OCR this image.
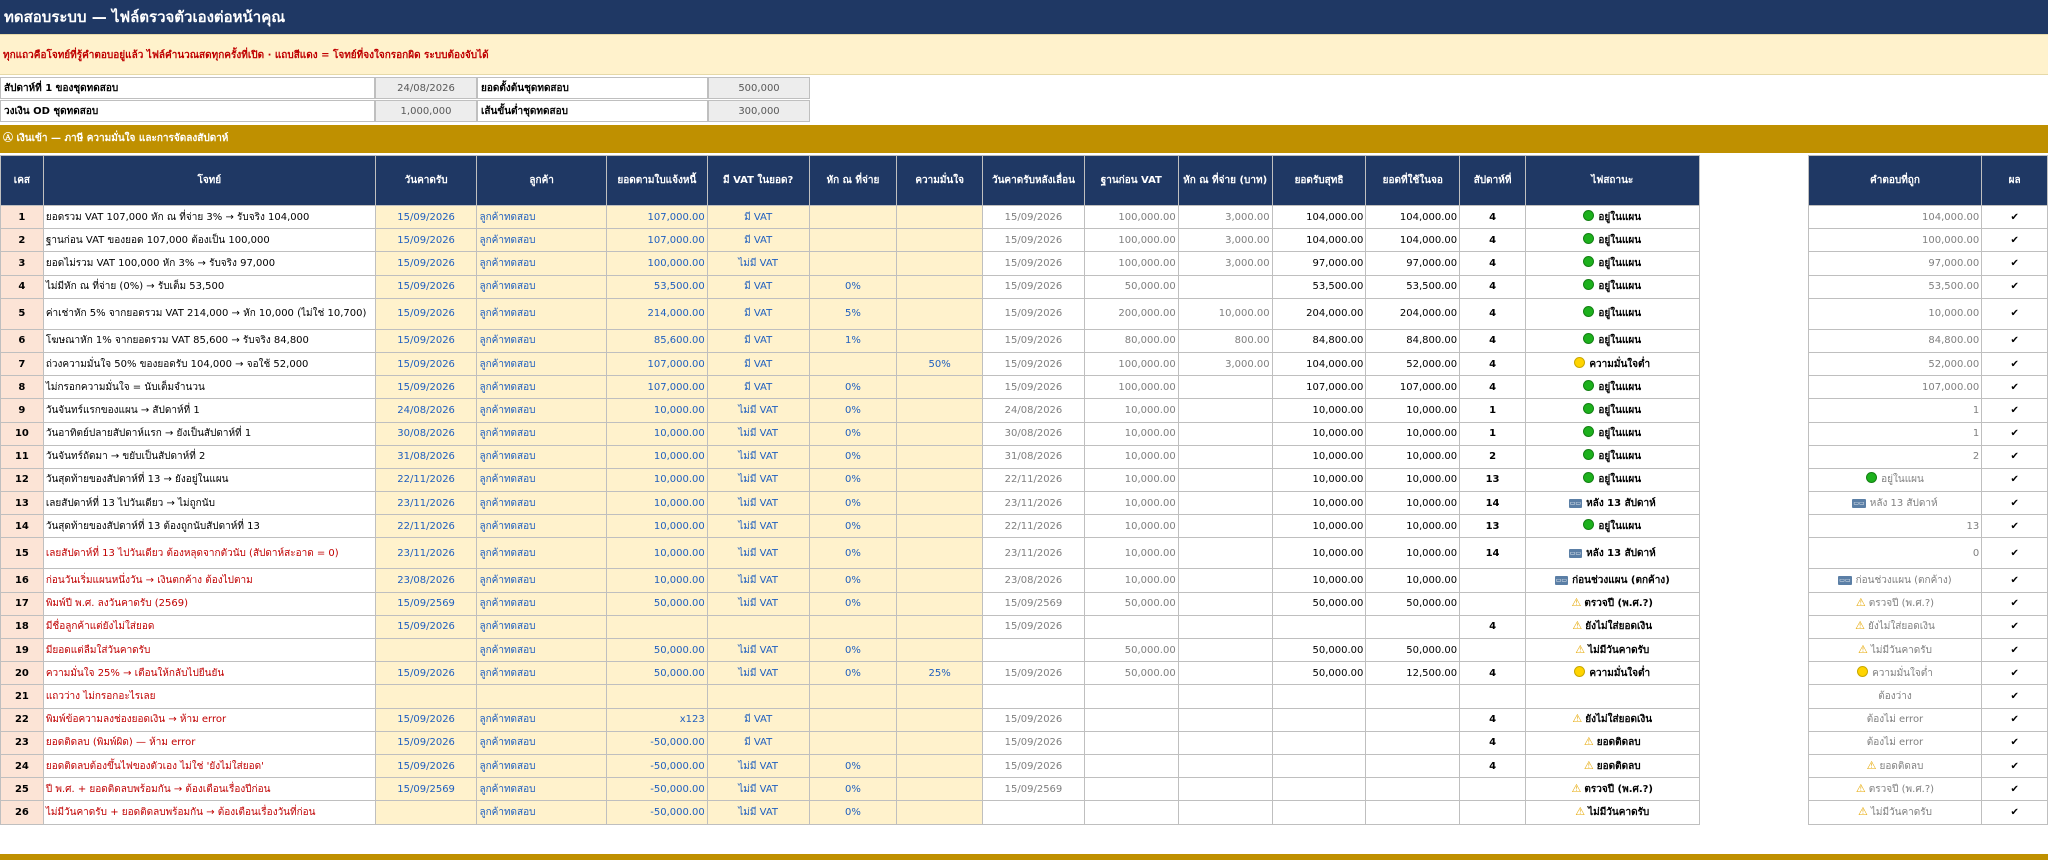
ทดสอบระบบ — ไฟล์ตรวจตัวเองต่อหน้าคุณ
ทุกแถวคือโจทย์ที่รู้คำตอบอยู่แล้ว ไฟล์คำนวณสดทุกครั้งที่เปิด · แถบสีแดง = โจทย์ที่จงใจกรอกผิด ระบบต้องจับได้
สัปดาห์ที่ 1 ของชุดทดสอบ	24/08/2026	ยอดตั้งต้นชุดทดสอบ	500,000
วงเงิน OD ชุดทดสอบ	1,000,000	เส้นขั้นต่ำชุดทดสอบ	300,000
Ⓐ เงินเข้า — ภาษี ความมั่นใจ และการจัดลงสัปดาห์
เคส	โจทย์	วันคาดรับ	ลูกค้า	ยอดตามใบแจ้งหนี้	มี VAT ในยอด?	หัก ณ ที่จ่าย	ความมั่นใจ	วันคาดรับหลังเลื่อน	ฐานก่อน VAT	หัก ณ ที่จ่าย (บาท)	ยอดรับสุทธิ	ยอดที่ใช้ในจอ	สัปดาห์ที่	ไฟสถานะ		คำตอบที่ถูก	ผล
1	ยอดรวม VAT 107,000 หัก ณ ที่จ่าย 3% → รับจริง 104,000	15/09/2026	ลูกค้าทดสอบ	107,000.00	มี VAT			15/09/2026	100,000.00	3,000.00	104,000.00	104,000.00	4	อยู่ในแผน		104,000.00	✔
2	ฐานก่อน VAT ของยอด 107,000 ต้องเป็น 100,000	15/09/2026	ลูกค้าทดสอบ	107,000.00	มี VAT			15/09/2026	100,000.00	3,000.00	104,000.00	104,000.00	4	อยู่ในแผน		100,000.00	✔
3	ยอดไม่รวม VAT 100,000 หัก 3% → รับจริง 97,000	15/09/2026	ลูกค้าทดสอบ	100,000.00	ไม่มี VAT			15/09/2026	100,000.00	3,000.00	97,000.00	97,000.00	4	อยู่ในแผน		97,000.00	✔
4	ไม่มีหัก ณ ที่จ่าย (0%) → รับเต็ม 53,500	15/09/2026	ลูกค้าทดสอบ	53,500.00	มี VAT	0%		15/09/2026	50,000.00		53,500.00	53,500.00	4	อยู่ในแผน		53,500.00	✔
5	ค่าเช่าหัก 5% จากยอดรวม VAT 214,000 → หัก 10,000 (ไม่ใช่ 10,700)	15/09/2026	ลูกค้าทดสอบ	214,000.00	มี VAT	5%		15/09/2026	200,000.00	10,000.00	204,000.00	204,000.00	4	อยู่ในแผน		10,000.00	✔
6	โฆษณาหัก 1% จากยอดรวม VAT 85,600 → รับจริง 84,800	15/09/2026	ลูกค้าทดสอบ	85,600.00	มี VAT	1%		15/09/2026	80,000.00	800.00	84,800.00	84,800.00	4	อยู่ในแผน		84,800.00	✔
7	ถ่วงความมั่นใจ 50% ของยอดรับ 104,000 → จอใช้ 52,000	15/09/2026	ลูกค้าทดสอบ	107,000.00	มี VAT		50%	15/09/2026	100,000.00	3,000.00	104,000.00	52,000.00	4	ความมั่นใจต่ำ		52,000.00	✔
8	ไม่กรอกความมั่นใจ = นับเต็มจำนวน	15/09/2026	ลูกค้าทดสอบ	107,000.00	มี VAT	0%		15/09/2026	100,000.00		107,000.00	107,000.00	4	อยู่ในแผน		107,000.00	✔
9	วันจันทร์แรกของแผน → สัปดาห์ที่ 1	24/08/2026	ลูกค้าทดสอบ	10,000.00	ไม่มี VAT	0%		24/08/2026	10,000.00		10,000.00	10,000.00	1	อยู่ในแผน		1	✔
10	วันอาทิตย์ปลายสัปดาห์แรก → ยังเป็นสัปดาห์ที่ 1	30/08/2026	ลูกค้าทดสอบ	10,000.00	ไม่มี VAT	0%		30/08/2026	10,000.00		10,000.00	10,000.00	1	อยู่ในแผน		1	✔
11	วันจันทร์ถัดมา → ขยับเป็นสัปดาห์ที่ 2	31/08/2026	ลูกค้าทดสอบ	10,000.00	ไม่มี VAT	0%		31/08/2026	10,000.00		10,000.00	10,000.00	2	อยู่ในแผน		2	✔
12	วันสุดท้ายของสัปดาห์ที่ 13 → ยังอยู่ในแผน	22/11/2026	ลูกค้าทดสอบ	10,000.00	ไม่มี VAT	0%		22/11/2026	10,000.00		10,000.00	10,000.00	13	อยู่ในแผน		อยู่ในแผน	✔
13	เลยสัปดาห์ที่ 13 ไปวันเดียว → ไม่ถูกนับ	23/11/2026	ลูกค้าทดสอบ	10,000.00	ไม่มี VAT	0%		23/11/2026	10,000.00		10,000.00	10,000.00	14	▭▭ หลัง 13 สัปดาห์		▭▭ หลัง 13 สัปดาห์	✔
14	วันสุดท้ายของสัปดาห์ที่ 13 ต้องถูกนับสัปดาห์ที่ 13	22/11/2026	ลูกค้าทดสอบ	10,000.00	ไม่มี VAT	0%		22/11/2026	10,000.00		10,000.00	10,000.00	13	อยู่ในแผน		13	✔
15	เลยสัปดาห์ที่ 13 ไปวันเดียว ต้องหลุดจากตัวนับ (สัปดาห์สะอาด = 0)	23/11/2026	ลูกค้าทดสอบ	10,000.00	ไม่มี VAT	0%		23/11/2026	10,000.00		10,000.00	10,000.00	14	▭▭ หลัง 13 สัปดาห์		0	✔
16	ก่อนวันเริ่มแผนหนึ่งวัน → เงินตกค้าง ต้องไปตาม	23/08/2026	ลูกค้าทดสอบ	10,000.00	ไม่มี VAT	0%		23/08/2026	10,000.00		10,000.00	10,000.00		▭▭ ก่อนช่วงแผน (ตกค้าง)		▭▭ ก่อนช่วงแผน (ตกค้าง)	✔
17	พิมพ์ปี พ.ศ. ลงวันคาดรับ (2569)	15/09/2569	ลูกค้าทดสอบ	50,000.00	ไม่มี VAT	0%		15/09/2569	50,000.00		50,000.00	50,000.00		⚠ ตรวจปี (พ.ศ.?)		⚠ ตรวจปี (พ.ศ.?)	✔
18	มีชื่อลูกค้าแต่ยังไม่ใส่ยอด	15/09/2026	ลูกค้าทดสอบ					15/09/2026					4	⚠ ยังไม่ใส่ยอดเงิน		⚠ ยังไม่ใส่ยอดเงิน	✔
19	มียอดแต่ลืมใส่วันคาดรับ		ลูกค้าทดสอบ	50,000.00	ไม่มี VAT	0%			50,000.00		50,000.00	50,000.00		⚠ ไม่มีวันคาดรับ		⚠ ไม่มีวันคาดรับ	✔
20	ความมั่นใจ 25% → เตือนให้กลับไปยืนยัน	15/09/2026	ลูกค้าทดสอบ	50,000.00	ไม่มี VAT	0%	25%	15/09/2026	50,000.00		50,000.00	12,500.00	4	ความมั่นใจต่ำ		ความมั่นใจต่ำ	✔
21	แถวว่าง ไม่กรอกอะไรเลย															ต้องว่าง	✔
22	พิมพ์ข้อความลงช่องยอดเงิน → ห้าม error	15/09/2026	ลูกค้าทดสอบ	x123	มี VAT			15/09/2026					4	⚠ ยังไม่ใส่ยอดเงิน		ต้องไม่ error	✔
23	ยอดติดลบ (พิมพ์ผิด) — ห้าม error	15/09/2026	ลูกค้าทดสอบ	-50,000.00	มี VAT			15/09/2026					4	⚠ ยอดติดลบ		ต้องไม่ error	✔
24	ยอดติดลบต้องขึ้นไฟของตัวเอง ไม่ใช่ 'ยังไม่ใส่ยอด'	15/09/2026	ลูกค้าทดสอบ	-50,000.00	ไม่มี VAT	0%		15/09/2026					4	⚠ ยอดติดลบ		⚠ ยอดติดลบ	✔
25	ปี พ.ศ. + ยอดติดลบพร้อมกัน → ต้องเตือนเรื่องปีก่อน	15/09/2569	ลูกค้าทดสอบ	-50,000.00	ไม่มี VAT	0%		15/09/2569						⚠ ตรวจปี (พ.ศ.?)		⚠ ตรวจปี (พ.ศ.?)	✔
26	ไม่มีวันคาดรับ + ยอดติดลบพร้อมกัน → ต้องเตือนเรื่องวันที่ก่อน		ลูกค้าทดสอบ	-50,000.00	ไม่มี VAT	0%								⚠ ไม่มีวันคาดรับ		⚠ ไม่มีวันคาดรับ	✔
